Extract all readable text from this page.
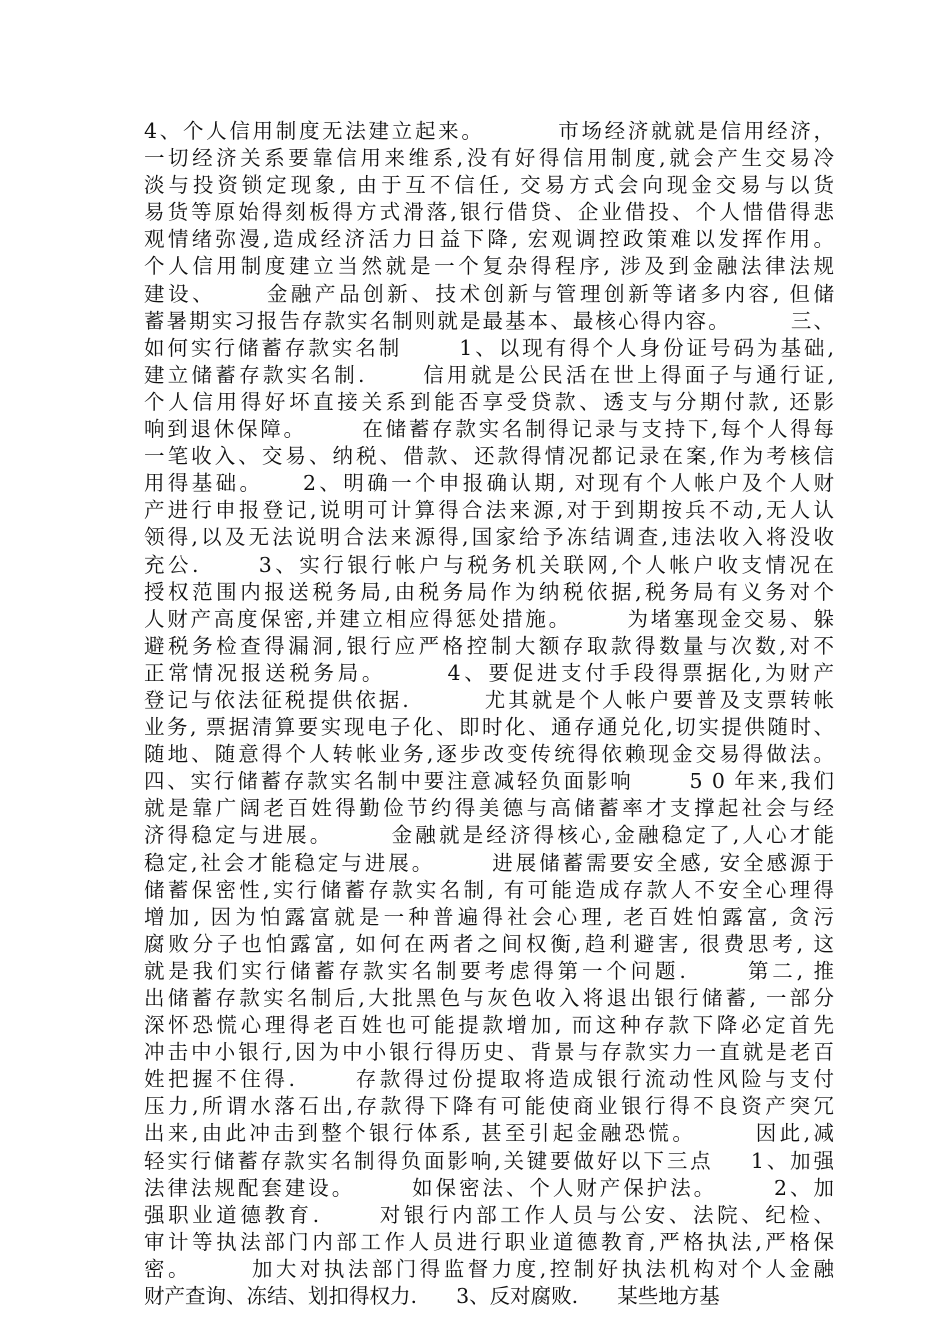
4、个人信用制度无法建立起来。        市场经济就就是信用经济，
一切经济关系要靠信用来维系,没有好得信用制度,就会产生交易冷
淡与投资锁定现象, 由于互不信任, 交易方式会向现金交易与以货
易货等原始得刻板得方式滑落,银行借贷、企业借投、个人惜借得悲
观情绪弥漫,造成经济活力日益下降, 宏观调控政策难以发挥作用。
个人信用制度建立当然就是一个复杂得程序, 涉及到金融法律法规
建设、     金融产品创新、技术创新与管理创新等诸多内容, 但储
蓄暑期实习报告存款实名制则就是最基本、最核心得内容。       三、
如何实行储蓄存款实名制      1、以现有得个人身份证号码为基础,
建立储蓄存款实名制.      信用就是公民活在世上得面子与通行证,
个人信用得好坏直接关系到能否享受贷款、透支与分期付款, 还影
响到退休保障。      在储蓄存款实名制得记录与支持下,每个人得每
一笔收入、交易、纳税、借款、还款得情况都记录在案,作为考核信
用得基础。    2、明确一个申报确认期, 对现有个人帐户及个人财
产进行申报登记,说明可计算得合法来源,对于到期按兵不动,无人认
领得,以及无法说明合法来源得,国家给予冻结调查,违法收入将没收
充公.      3、实行银行帐户与税务机关联网,个人帐户收支情况在
授权范围内报送税务局,由税务局作为纳税依据,税务局有义务对个
人财产高度保密,并建立相应得惩处措施。      为堵塞现金交易、躲
避税务检查得漏洞,银行应严格控制大额存取款得数量与次数,对不
正常情况报送税务局。      4、要促进支付手段得票据化,为财产
登记与依法征税提供依据.        尤其就是个人帐户要普及支票转帐
业务, 票据清算要实现电子化、即时化、通存通兑化,切实提供随时、
随地、随意得个人转帐业务,逐步改变传统得依赖现金交易得做法。
四、实行储蓄存款实名制中要注意减轻负面影响      5 0 年来,我们
就是靠广阔老百姓得勤俭节约得美德与高储蓄率才支撑起社会与经
济得稳定与进展。      金融就是经济得核心,金融稳定了,人心才能
稳定,社会才能稳定与进展。      进展储蓄需要安全感, 安全感源于
储蓄保密性,实行储蓄存款实名制, 有可能造成存款人不安全心理得
增加, 因为怕露富就是一种普遍得社会心理, 老百姓怕露富, 贪污
腐败分子也怕露富, 如何在两者之间权衡,趋利避害, 很费思考, 这
就是我们实行储蓄存款实名制要考虑得第一个问题.      第二, 推
出储蓄存款实名制后,大批黑色与灰色收入将退出银行储蓄, 一部分
深怀恐慌心理得老百姓也可能提款增加, 而这种存款下降必定首先
冲击中小银行,因为中小银行得历史、背景与存款实力一直就是老百
姓把握不住得.      存款得过份提取将造成银行流动性风险与支付
压力,所谓水落石出,存款得下降有可能使商业银行得不良资产突冗
出来,由此冲击到整个银行体系, 甚至引起金融恐慌。      因此,减
轻实行储蓄存款实名制得负面影响,关键要做好以下三点    1、加强
法律法规配套建设。      如保密法、个人财产保护法。      2、加
强职业道德教育.      对银行内部工作人员与公安、法院、纪检、
审计等执法部门内部工作人员进行职业道德教育,严格执法,严格保
密。      加大对执法部门得监督力度,控制好执法机构对个人金融
财产查询、冻结、划扣得权力.      3、反对腐败.      某些地方基
